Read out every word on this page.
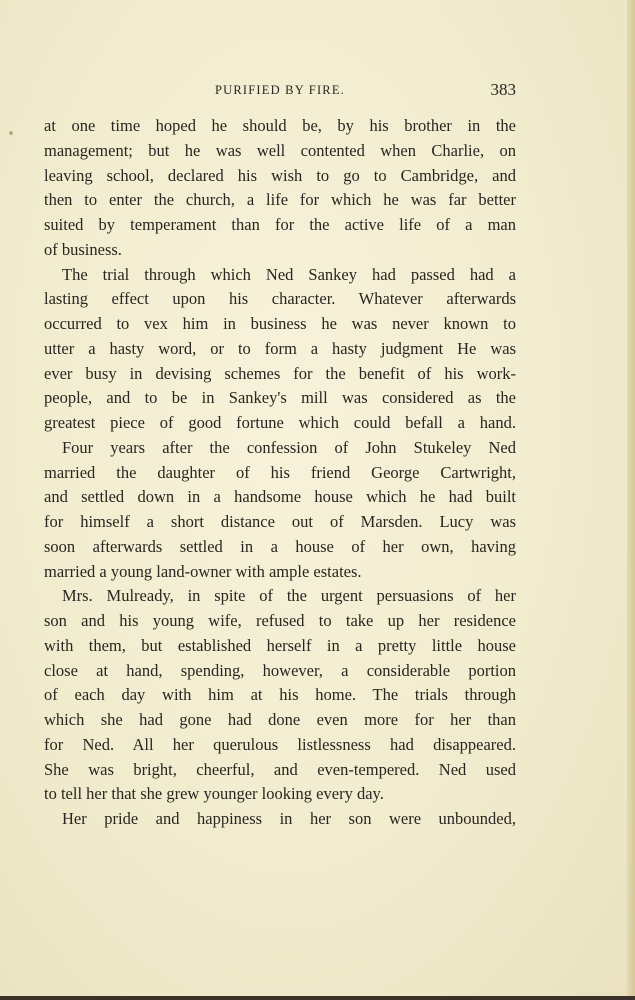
PURIFIED BY FIRE.	383
at one time hoped he should be, by his brother in the
management; but he was well contented when Charlie, on
leaving school, declared his wish to go to Cambridge, and
then to enter the church, a life for which he was far better
suited by temperament than for the active life of a man
of business.
The trial through which Ned Sankey had passed had a
lasting effect upon his character. Whatever afterwards
occurred to vex him in business he was never known to
utter a hasty word, or to form a hasty judgment He was
ever busy in devising schemes for the benefit of his work-
people, and to be in Sankey's mill was considered as the
greatest piece of good fortune which could befall a hand.
Four years after the confession of John Stukeley Ned
married the daughter of his friend George Cartwright,
and settled down in a handsome house which he had built
for himself a short distance out of Marsden. Lucy was
soon afterwards settled in a house of her own, having
married a young land-owner with ample estates.
Mrs. Mulready, in spite of the urgent persuasions of her
son and his young wife, refused to take up her residence
with them, but established herself in a pretty little house
close at hand, spending, however, a considerable portion
of each day with him at his home. The trials through
which she had gone had done even more for her than
for Ned. All her querulous listlessness had disappeared.
She was bright, cheerful, and even-tempered. Ned used
to tell her that she grew younger looking every day.
Her pride and happiness in her son were unbounded,
